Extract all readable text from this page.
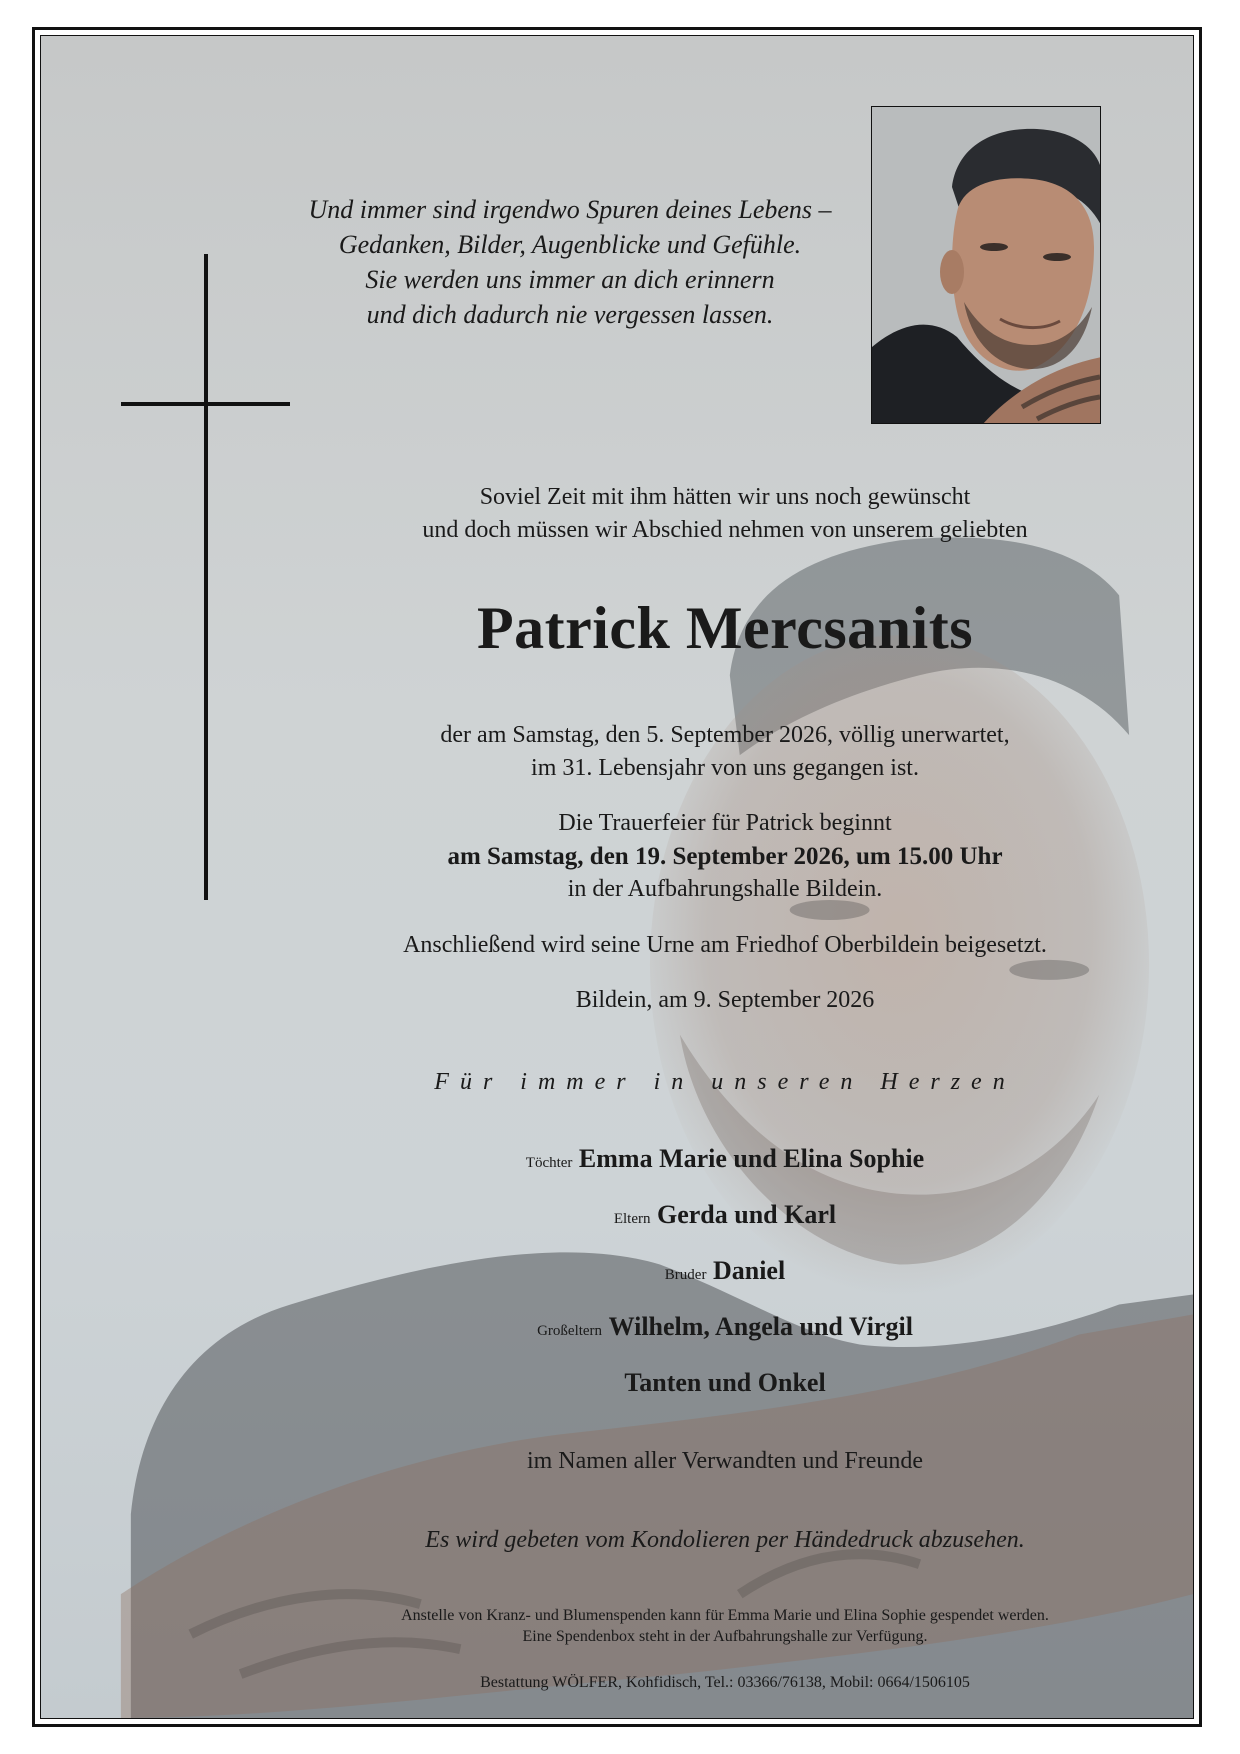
Und immer sind irgendwo Spuren deines Lebens –
Gedanken, Bilder, Augenblicke und Gefühle.
Sie werden uns immer an dich erinnern
und dich dadurch nie vergessen lassen.
Soviel Zeit mit ihm hätten wir uns noch gewünscht
und doch müssen wir Abschied nehmen von unserem geliebten
Patrick Mercsanits
der am Samstag, den 5. September 2026, völlig unerwartet,
im 31. Lebensjahr von uns gegangen ist.
Die Trauerfeier für Patrick beginnt
am Samstag, den 19. September 2026, um 15.00 Uhr
in der Aufbahrungshalle Bildein.
Anschließend wird seine Urne am Friedhof Oberbildein beigesetzt.
Bildein, am 9. September 2026
Für immer in unseren Herzen
Töchter Emma Marie und Elina Sophie
Eltern Gerda und Karl
Bruder Daniel
Großeltern Wilhelm, Angela und Virgil
Tanten und Onkel
im Namen aller Verwandten und Freunde
Es wird gebeten vom Kondolieren per Händedruck abzusehen.
Anstelle von Kranz- und Blumenspenden kann für Emma Marie und Elina Sophie gespendet werden.
Eine Spendenbox steht in der Aufbahrungshalle zur Verfügung.
Bestattung WÖLFER, Kohfidisch, Tel.: 03366/76138, Mobil: 0664/1506105
